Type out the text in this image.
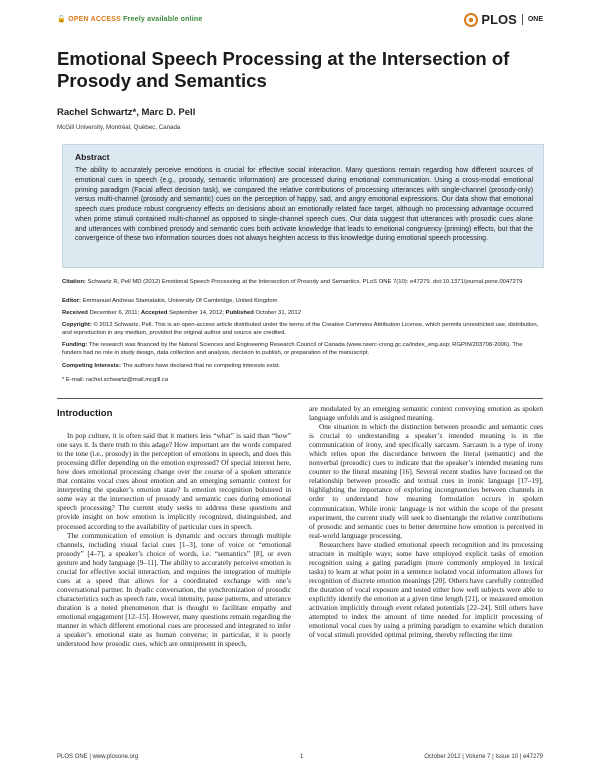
🔓 OPEN ACCESS Freely available online	PLOS ONE
Emotional Speech Processing at the Intersection of Prosody and Semantics
Rachel Schwartz*, Marc D. Pell
McGill University, Montréal, Québec, Canada
Abstract
The ability to accurately perceive emotions is crucial for effective social interaction. Many questions remain regarding how different sources of emotional cues in speech (e.g., prosody, semantic information) are processed during emotional communication. Using a cross-modal emotional priming paradigm (Facial affect decision task), we compared the relative contributions of processing utterances with single-channel (prosody-only) versus multi-channel (prosody and semantic) cues on the perception of happy, sad, and angry emotional expressions. Our data show that emotional speech cues produce robust congruency effects on decisions about an emotionally related face target, although no processing advantage occurred when prime stimuli contained multi-channel as opposed to single-channel speech cues. Our data suggest that utterances with prosodic cues alone and utterances with combined prosody and semantic cues both activate knowledge that leads to emotional congruency (priming) effects, but that the convergence of these two information sources does not always heighten access to this knowledge during emotional speech processing.
Citation: Schwartz R, Pell MD (2012) Emotional Speech Processing at the Intersection of Prosody and Semantics. PLoS ONE 7(10): e47279. doi:10.1371/journal.pone.0047279
Editor: Emmanuel Andreas Stamatakis, University Of Cambridge, United Kingdom
Received December 6, 2011; Accepted September 14, 2012; Published October 31, 2012
Copyright: © 2012 Schwartz, Pell. This is an open-access article distributed under the terms of the Creative Commons Attribution License, which permits unrestricted use, distribution, and reproduction in any medium, provided the original author and source are credited.
Funding: The research was financed by the Natural Sciences and Engineering Research Council of Canada (www.nserc-crsng.gc.ca/index_eng.asp; RGPIN/203708-2006). The funders had no role in study design, data collection and analysis, decision to publish, or preparation of the manuscript.
Competing Interests: The authors have declared that no competing interests exist.
* E-mail: rachel.schwartz@mail.mcgill.ca
Introduction

In pop culture, it is often said that it matters less “what” is said than “how” one says it. Is there truth to this adage? How important are the words compared to the tone (i.e., prosody) in the perception of emotions in speech, and does this processing differ depending on the emotion expressed? Of special interest here, how does emotional processing change over the course of a spoken utterance that contains vocal cues about emotion and an emerging semantic context for interpreting the speaker’s emotion state? Is emotion recognition bolstered in some way at the intersection of prosody and semantic cues during emotional speech processing? The current study seeks to address these questions and provide insight on how emotion is implicitly recognized, distinguished, and processed according to the availability of particular cues in speech.

The communication of emotion is dynamic and occurs through multiple channels, including visual facial cues [1–3], tone of voice or “emotional prosody” [4–7], a speaker’s choice of words, i.e. “semantics” [8], or even gesture and body language [9–11]. The ability to accurately perceive emotion is crucial for effective social interaction, and requires the integration of multiple cues at a speed that allows for a coordinated exchange with one’s conversational partner. In dyadic conversation, the synchronization of prosodic characteristics such as speech rate, vocal intensity, pause patterns, and utterance duration is a noted phenomenon that is thought to facilitate empathy and emotional engagement [12–15]. However, many questions remain regarding the manner in which different emotional cues are processed and integrated to infer a speaker’s emotional state as human converse; in particular, it is poorly understood how prosodic cues, which are omnipresent in speech,

are modulated by an emerging semantic context conveying emotion as spoken language unfolds and is assigned meaning.

One situation in which the distinction between prosodic and semantic cues is crucial to understanding a speaker’s intended meaning is in the communication of irony, and specifically sarcasm. Sarcasm is a type of irony which relies upon the discordance between the literal (semantic) and the nonverbal (prosodic) cues to indicate that the speaker’s intended meaning runs counter to the literal meaning [16]. Several recent studies have focused on the relationship between prosodic and textual cues in ironic language [17–19], highlighting the importance of exploring incongruencies between channels in order to understand how meaning formulation occurs in spoken communication. While ironic language is not within the scope of the present experiment, the current study will seek to disentangle the relative contributions of prosodic and semantic cues to better determine how emotion is perceived in real-world language processing.

Researchers have studied emotional speech recognition and its processing structure in multiple ways; some have employed explicit tasks of emotion recognition using a gating paradigm (more commonly employed in lexical tasks) to learn at what point in a sentence isolated vocal information allows for recognition of discrete emotion meanings [20]. Others have carefully controlled the duration of vocal exposure and tested either how well subjects were able to explicitly identify the emotion at a given time length [21], or measured emotion activation implicitly through event related potentials [22–24]. Still others have attempted to index the amount of time needed for implicit processing of emotional vocal cues by using a priming paradigm to examine which duration of vocal stimuli provided optimal priming, thereby reflecting the time

PLOS ONE | www.plosone.org	1	October 2012 | Volume 7 | Issue 10 | e47279
